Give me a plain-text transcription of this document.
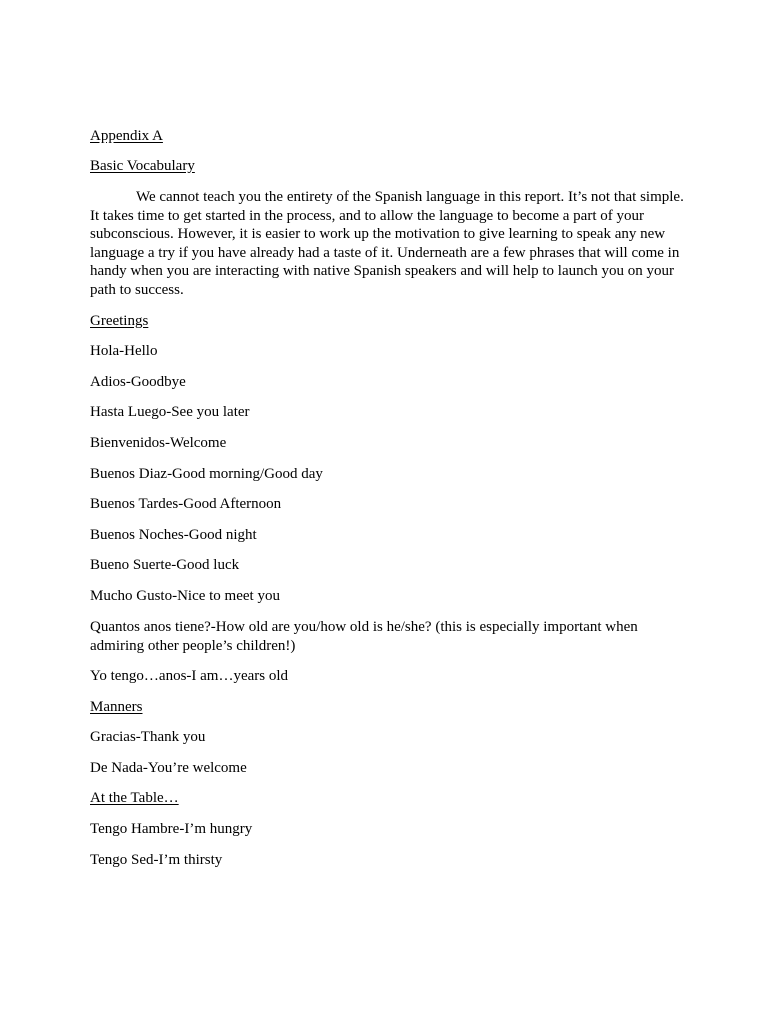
Appendix A

Basic Vocabulary

We cannot teach you the entirety of the Spanish language in this report. It’s not that simple. It takes time to get started in the process, and to allow the language to become a part of your subconscious. However, it is easier to work up the motivation to give learning to speak any new language a try if you have already had a taste of it. Underneath are a few phrases that will come in handy when you are interacting with native Spanish speakers and will help to launch you on your path to success.

Greetings

Hola-Hello

Adios-Goodbye

Hasta Luego-See you later

Bienvenidos-Welcome

Buenos Diaz-Good morning/Good day

Buenos Tardes-Good Afternoon

Buenos Noches-Good night

Bueno Suerte-Good luck

Mucho Gusto-Nice to meet you

Quantos anos tiene?-How old are you/how old is he/she? (this is especially important when admiring other people’s children!)

Yo tengo…anos-I am…years old

Manners

Gracias-Thank you

De Nada-You’re welcome

At the Table…

Tengo Hambre-I’m hungry

Tengo Sed-I’m thirsty
